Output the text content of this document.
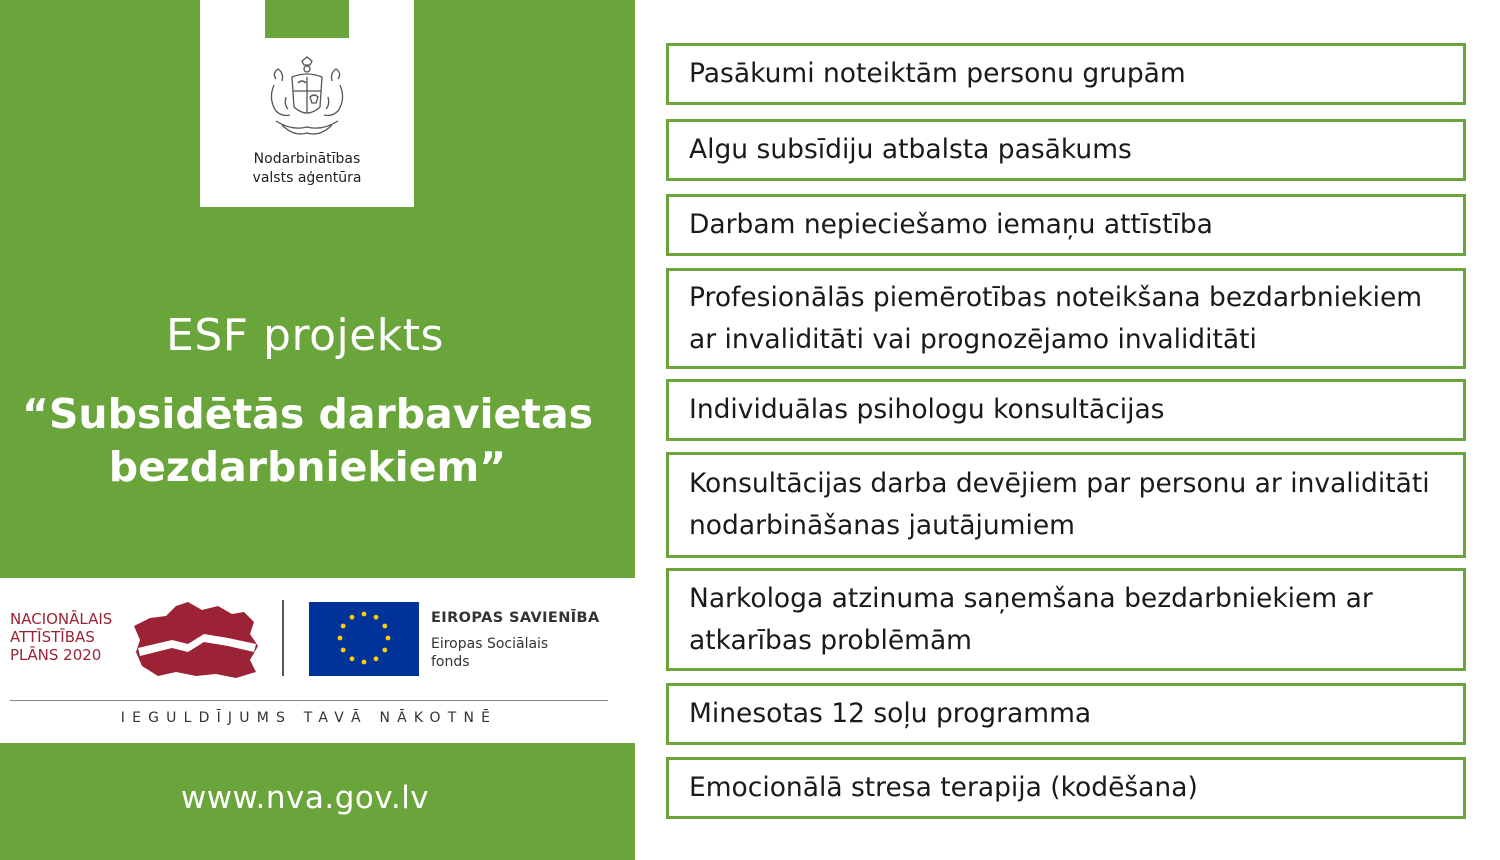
Nodarbinātības
valsts aģentūra
ESF projekts
“Subsidētās darbavietas
bezdarbniekiem”
NACIONĀLAIS
ATTĪSTĪBAS
PLĀNS 2020
EIROPAS SAVIENĪBA
Eiropas Sociālais
fonds
IEGULDĪJUMS TAVĀ NĀKOTNĒ
www.nva.gov.lv
Pasākumi noteiktām personu grupām
Algu subsīdiju atbalsta pasākums
Darbam nepieciešamo iemaņu attīstība
Profesionālās piemērotības noteikšana bezdarbniekiem ar invaliditāti vai prognozējamo invaliditāti
Individuālas psihologu konsultācijas
Konsultācijas darba devējiem par personu ar invaliditāti nodarbināšanas jautājumiem
Narkologa atzinuma saņemšana bezdarbniekiem ar atkarības problēmām
Minesotas 12 soļu programma
Emocionālā stresa terapija (kodēšana)
